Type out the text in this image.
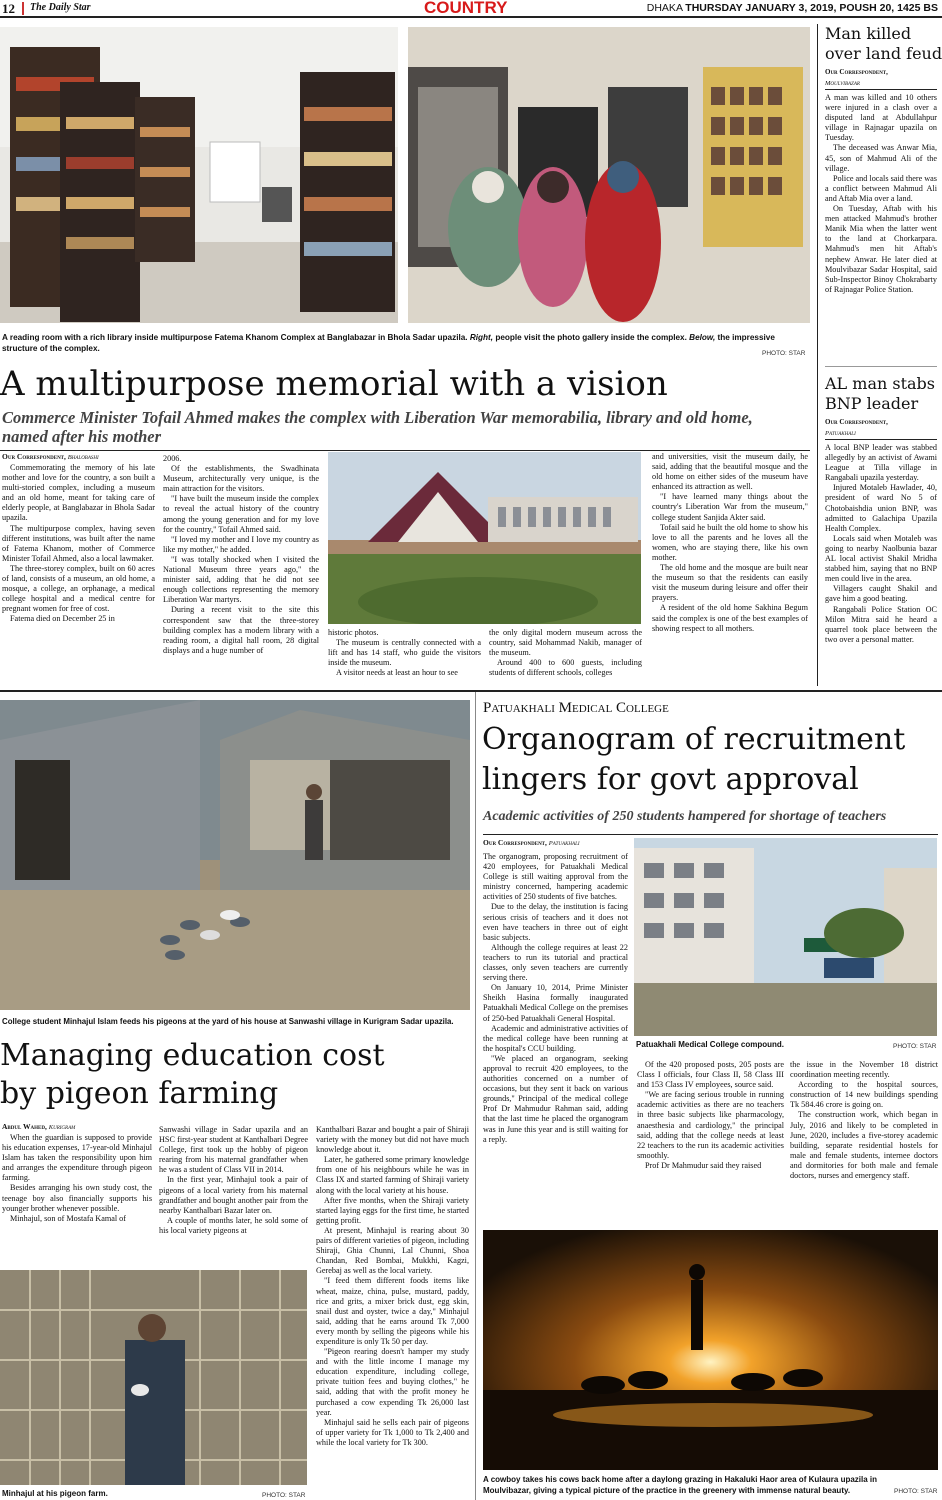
12 The Daily Star	COUNTRY	DHAKA THURSDAY JANUARY 3, 2019, POUSH 20, 1425 BS
A reading room with a rich library inside multipurpose Fatema Khanom Complex at Banglabazar in Bhola Sadar upazila. Right, people visit the photo gallery inside the complex. Below, the impressive structure of the complex.
PHOTO: STAR
A multipurpose memorial with a vision
Commerce Minister Tofail Ahmed makes the complex with Liberation War memorabilia, library and old home, named after his mother
Our Correspondent, Bhalobashi

Commemorating the memory of his late mother and love for the country, a son built a multi-storied complex, including a museum and an old home, meant for taking care of elderly people, at Banglabazar in Bhola Sadar upazila.

The multipurpose complex, having seven different institutions, was built after the name of Fatema Khanom, mother of Commerce Minister Tofail Ahmed, also a local lawmaker.

The three-storey complex, built on 60 acres of land, consists of a museum, an old home, a mosque, a college, an orphanage, a medical college hospital and a medical centre for pregnant women for free of cost.

Fatema died on December 25 in

2006.

Of the establishments, the Swadhinata Museum, architecturally very unique, is the main attraction for the visitors.

"I have built the museum inside the complex to reveal the actual history of the country among the young generation and for my love for the country," Tofail Ahmed said.

"I loved my mother and I love my country as like my mother," he added.

"I was totally shocked when I visited the National Museum three years ago," the minister said, adding that he did not see enough collections representing the memory Liberation War martyrs.

During a recent visit to the site this correspondent saw that the three-storey building complex has a modern library with a reading room, a digital hall room, 28 digital displays and a huge number of

historic photos.

The museum is centrally connected with a lift and has 14 staff, who guide the visitors inside the museum.

A visitor needs at least an hour to see

the only digital modern museum across the country, said Mohammad Nakib, manager of the museum.

Around 400 to 600 guests, including students of different schools, colleges

and universities, visit the museum daily, he said, adding that the beautiful mosque and the old home on either sides of the museum have enhanced its attraction as well.

"I have learned many things about the country's Liberation War from the museum," college student Sanjida Akter said.

Tofail said he built the old home to show his love to all the parents and he loves all the women, who are staying there, like his own mother.

The old home and the mosque are built near the museum so that the residents can easily visit the museum during leisure and offer their prayers.

A resident of the old home Sakhina Begum said the complex is one of the best examples of showing respect to all mothers.

Man killed
over land feud
Our Correspondent,
Moulvibazar

A man was killed and 10 others were injured in a clash over a disputed land at Abdullahpur village in Rajnagar upazila on Tuesday.

The deceased was Anwar Mia, 45, son of Mahmud Ali of the village.

Police and locals said there was a conflict between Mahmud Ali and Aftab Mia over a land.

On Tuesday, Aftab with his men attacked Mahmud's brother Manik Mia when the latter went to the land at Chorkarpara. Mahmud's men hit Aftab's nephew Anwar. He later died at Moulvibazar Sadar Hospital, said Sub-Inspector Binoy Chokrabarty of Rajnagar Police Station.

AL man stabs
BNP leader
Our Correspondent,
Patuakhali

A local BNP leader was stabbed allegedly by an activist of Awami League at Tilla village in Rangabali upazila yesterday.

Injured Motaleb Hawlader, 40, president of ward No 5 of Chotobaishdia union BNP, was admitted to Galachipa Upazila Health Complex.

Locals said when Motaleb was going to nearby Naolbunia bazar AL local activist Shakil Mridha stabbed him, saying that no BNP men could live in the area.

Villagers caught Shakil and gave him a good beating.

Rangabali Police Station OC Milon Mitra said he heard a quarrel took place between the two over a personal matter.

College student Minhajul Islam feeds his pigeons at the yard of his house at Sanwashi village in Kurigram Sadar upazila.
Managing education cost
by pigeon farming
Abdul Wahed, Kurigram

When the guardian is supposed to provide his education expenses, 17-year-old Minhajul Islam has taken the responsibility upon him and arranges the expenditure through pigeon farming.

Besides arranging his own study cost, the teenage boy also financially supports his younger brother whenever possible.

Minhajul, son of Mostafa Kamal of

Sanwashi village in Sadar upazila and an HSC first-year student at Kanthalbari Degree College, first took up the hobby of pigeon rearing from his maternal grandfather when he was a student of Class VII in 2014.

In the first year, Minhajul took a pair of pigeons of a local variety from his maternal grandfather and bought another pair from the nearby Kanthalbari Bazar later on.

A couple of months later, he sold some of his local variety pigeons at

Kanthalbari Bazar and bought a pair of Shiraji variety with the money but did not have much knowledge about it.

Later, he gathered some primary knowledge from one of his neighbours while he was in Class IX and started farming of Shiraji variety along with the local variety at his house.

After five months, when the Shiraji variety started laying eggs for the first time, he started getting profit.

At present, Minhajul is rearing about 30 pairs of different varieties of pigeon, including Shiraji, Ghia Chunni, Lal Chunni, Shoa Chandan, Red Bombai, Mukkhi, Kagzi, Gerebaj as well as the local variety.

"I feed them different foods items like wheat, maize, china, pulse, mustard, paddy, rice and grits, a mixer brick dust, egg skin, snail dust and oyster, twice a day," Minhajul said, adding that he earns around Tk 7,000 every month by selling the pigeons while his expenditure is only Tk 50 per day.

"Pigeon rearing doesn't hamper my study and with the little income I manage my education expenditure, including college, private tuition fees and buying clothes," he said, adding that with the profit money he purchased a cow expending Tk 26,000 last year.

Minhajul said he sells each pair of pigeons of upper variety for Tk 1,000 to Tk 2,400 and while the local variety for Tk 300.

Minhajul at his pigeon farm.	PHOTO: STAR
Patuakhali Medical College
Organogram of recruitment
lingers for govt approval
Academic activities of 250 students hampered for shortage of teachers
Our Correspondent, Patuakhali

The organogram, proposing recruitment of 420 employees, for Patuakhali Medical College is still waiting approval from the ministry concerned, hampering academic activities of 250 students of five batches.

Due to the delay, the institution is facing serious crisis of teachers and it does not even have teachers in three out of eight basic subjects.

Although the college requires at least 22 teachers to run its tutorial and practical classes, only seven teachers are currently serving there.

On January 10, 2014, Prime Minister Sheikh Hasina formally inaugurated Patuakhali Medical College on the premises of 250-bed Patuakhali General Hospital.

Academic and administrative activities of the medical college have been running at the hospital's CCU building.

"We placed an organogram, seeking approval to recruit 420 employees, to the authorities concerned on a number of occasions, but they sent it back on various grounds," Principal of the medical college Prof Dr Mahmudur Rahman said, adding that the last time he placed the organogram was in June this year and is still waiting for a reply.

Patuakhali Medical College compound.	PHOTO: STAR

Of the 420 proposed posts, 205 posts are Class I officials, four Class II, 58 Class III and 153 Class IV employees, source said.

"We are facing serious trouble in running academic activities as there are no teachers in three basic subjects like pharmacology, anaesthesia and cardiology," the principal said, adding that the college needs at least 22 teachers to the run its academic activities smoothly.

Prof Dr Mahmudur said they raised

the issue in the November 18 district coordination meeting recently.

According to the hospital sources, construction of 14 new buildings spending Tk 584.46 crore is going on.

The construction work, which began in July, 2016 and likely to be completed in June, 2020, includes a five-storey academic building, separate residential hostels for male and female students, internee doctors and dormitories for both male and female doctors, nurses and emergency staff.

A cowboy takes his cows back home after a daylong grazing in Hakaluki Haor area of Kulaura upazila in Moulvibazar, giving a typical picture of the practice in the greenery with immense natural beauty.	PHOTO: STAR
